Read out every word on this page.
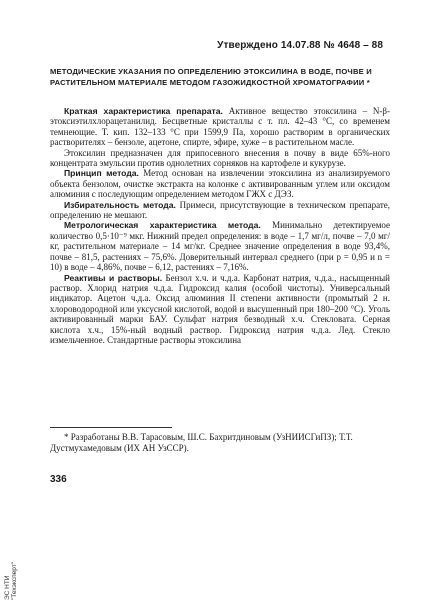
Утверждено 14.07.88 № 4648 – 88
МЕТОДИЧЕСКИЕ УКАЗАНИЯ ПО ОПРЕДЕЛЕНИЮ ЭТОКСИЛИНА В ВОДЕ, ПОЧВЕ И РАСТИТЕЛЬНОМ МАТЕРИАЛЕ МЕТОДОМ ГАЗОЖИДКОСТНОЙ ХРОМАТОГРАФИИ *

Краткая характеристика препарата. Активное вещество этоксилина – N-β-этоксиэтилхлорацетанилид. Бесцветные кристаллы с т. пл. 42–43 °С, со временем темнеющие. Т. кип. 132–133 °С при 1599,9 Па, хорошо растворим в органических растворителях – бензоле, ацетоне, спирте, эфире, хуже – в растительном масле.

Этоксилин предназначен для припосевного внесения в почву в виде 65%-ного концентрата эмульсии против однолетних сорняков на картофеле и кукурузе.

Принцип метода. Метод основан на извлечении этоксилина из анализируемого объекта бензолом, очистке экстракта на колонке с активированным углем или оксидом алюминия с последующим определением методом ГЖХ с ДЭЗ.

Избирательность метода. Примеси, присутствующие в техническом препарате, определению не мешают.

Метрологическая характеристика метода. Минимально детектируемое количество 0,5·10⁻⁹ мкг. Нижний предел определения: в воде – 1,7 мг/л, почве – 7,0 мг/кг, растительном материале – 14 мг/кг. Среднее значение определения в воде 93,4%, почве – 81,5, растениях – 75,6%. Доверительный интервал среднего (при p = 0,95 и n = 10) в воде – 4,86%, почве – 6,12, растениях – 7,16%.

Реактивы и растворы. Бензол х.ч. и ч.д.а. Карбонат натрия, ч.д.а., насыщенный раствор. Хлорид натрия ч.д.а. Гидроксид калия (особой чистоты). Универсальный индикатор. Ацетон ч.д.а. Оксид алюминия II степени активности (промытый 2 н. хлороводородной или уксусной кислотой, водой и высушенный при 180–200 °С). Уголь активированный марки БАУ. Сульфат натрия безводный х.ч. Стекловата. Серная кислота х.ч., 15%-ный водный раствор. Гидроксид натрия ч.д.а. Лед. Стекло измельченное. Стандартные растворы этоксилина

* Разработаны В.В. Тарасовым, Ш.С. Бахритдиновым (УзНИИСГиПЗ); Т.Т. Дустмухамедовым (ИХ АН УзССР).

336
ЭС НТИ "Техэксперт"
